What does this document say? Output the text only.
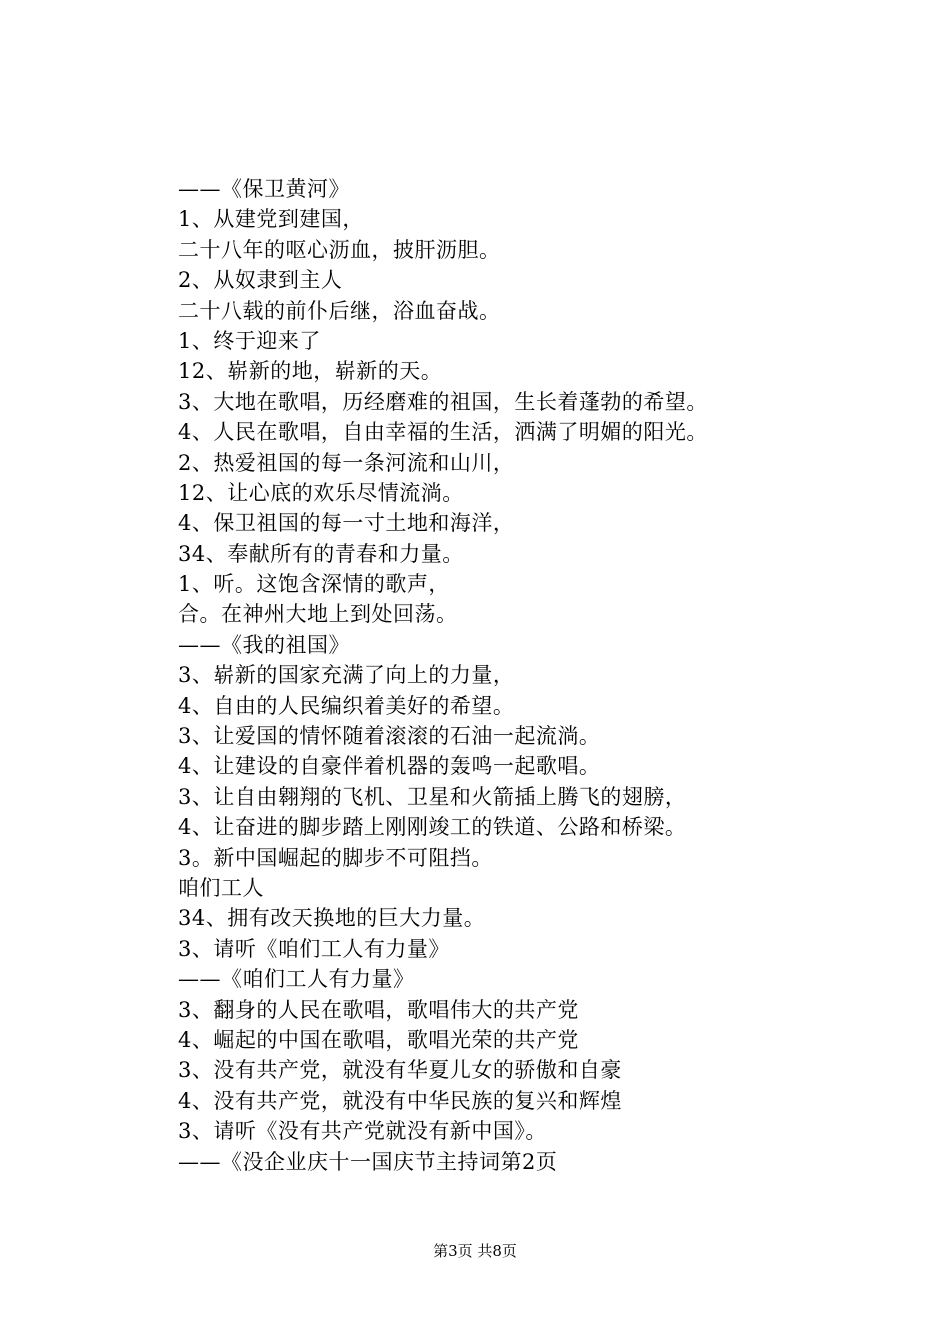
——《保卫黄河》
1、从建党到建国，
二十八年的呕心沥血，披肝沥胆。
2、从奴隶到主人
二十八载的前仆后继，浴血奋战。
1、终于迎来了
12、崭新的地，崭新的天。
3、大地在歌唱，历经磨难的祖国，生长着蓬勃的希望。
4、人民在歌唱，自由幸福的生活，洒满了明媚的阳光。
2、热爱祖国的每一条河流和山川，
12、让心底的欢乐尽情流淌。
4、保卫祖国的每一寸土地和海洋，
34、奉献所有的青春和力量。
1、听。这饱含深情的歌声，
合。在神州大地上到处回荡。
——《我的祖国》
3、崭新的国家充满了向上的力量，
4、自由的人民编织着美好的希望。
3、让爱国的情怀随着滚滚的石油一起流淌。
4、让建设的自豪伴着机器的轰鸣一起歌唱。
3、让自由翱翔的飞机、卫星和火箭插上腾飞的翅膀，
4、让奋进的脚步踏上刚刚竣工的铁道、公路和桥梁。
3。新中国崛起的脚步不可阻挡。
咱们工人
34、拥有改天换地的巨大力量。
3、请听《咱们工人有力量》
——《咱们工人有力量》
3、翻身的人民在歌唱，歌唱伟大的共产党
4、崛起的中国在歌唱，歌唱光荣的共产党
3、没有共产党，就没有华夏儿女的骄傲和自豪
4、没有共产党，就没有中华民族的复兴和辉煌
3、请听《没有共产党就没有新中国》。
——《没企业庆十一国庆节主持词第2页
第3页 共8页
